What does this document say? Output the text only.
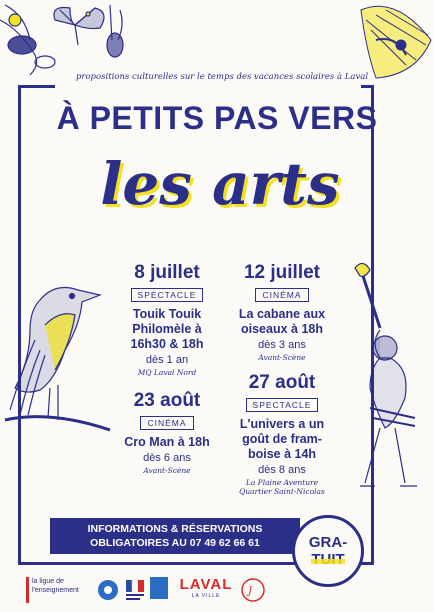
propositions culturelles sur le temps des vacances scolaires à Laval
À PETITS PAS VERS
les arts
8 juillet
SPECTACLE
Touik Touik
Philomèle à
16h30 & 18h
dès 1 an
MQ Laval Nord
12 juillet
CINÉMA
La cabane aux
oiseaux à 18h
dès 3 ans
Avant-Scène
23 août
CINÉMA
Cro Man à 18h
dès 6 ans
Avant-Scène
27 août
SPECTACLE
L'univers a un
goût de fram-
boise à 14h
dès 8 ans
La Plaine Aventure
Quartier Saint-Nicolas
INFORMATIONS & RÉSERVATIONS
OBLIGATOIRES AU 07 49 62 66 61	GRA-
la ligue de l'enseignement	LAVAL
LA VILLE	J
